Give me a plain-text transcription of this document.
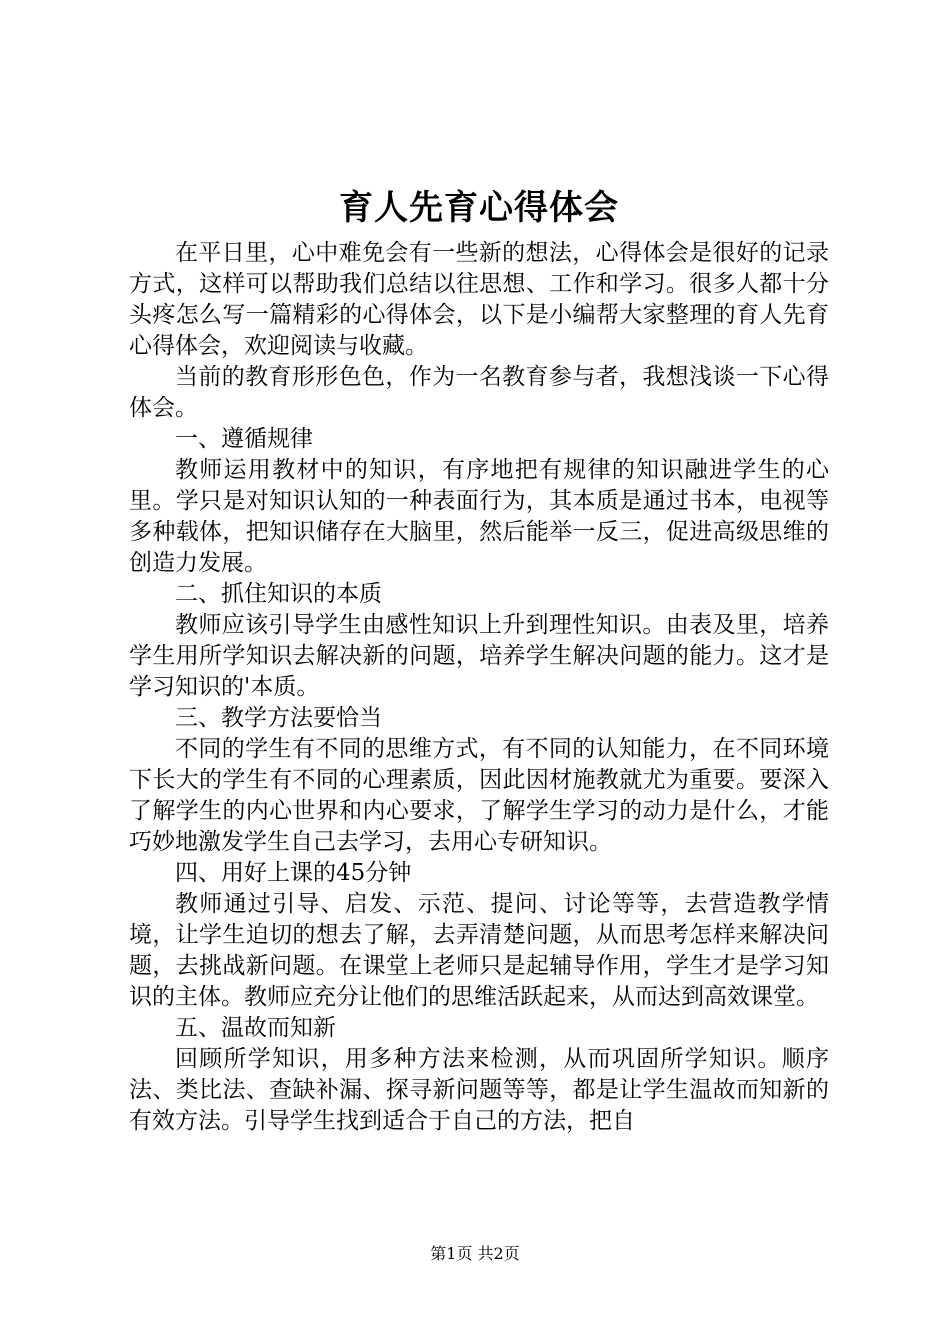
育人先育心得体会

在平日里，心中难免会有一些新的想法，心得体会是很好的记录方式，这样可以帮助我们总结以往思想、工作和学习。很多人都十分头疼怎么写一篇精彩的心得体会，以下是小编帮大家整理的育人先育心得体会，欢迎阅读与收藏。

当前的教育形形色色，作为一名教育参与者，我想浅谈一下心得体会。

一、遵循规律

教师运用教材中的知识，有序地把有规律的知识融进学生的心里。学只是对知识认知的一种表面行为，其本质是通过书本，电视等多种载体，把知识储存在大脑里，然后能举一反三，促进高级思维的创造力发展。

二、抓住知识的本质

教师应该引导学生由感性知识上升到理性知识。由表及里，培养学生用所学知识去解决新的问题，培养学生解决问题的能力。这才是学习知识的'本质。

三、教学方法要恰当

不同的学生有不同的思维方式，有不同的认知能力，在不同环境下长大的学生有不同的心理素质，因此因材施教就尤为重要。要深入了解学生的内心世界和内心要求，了解学生学习的动力是什么，才能巧妙地激发学生自己去学习，去用心专研知识。

四、用好上课的45分钟

教师通过引导、启发、示范、提问、讨论等等，去营造教学情境，让学生迫切的想去了解，去弄清楚问题，从而思考怎样来解决问题，去挑战新问题。在课堂上老师只是起辅导作用，学生才是学习知识的主体。教师应充分让他们的思维活跃起来，从而达到高效课堂。

五、温故而知新

回顾所学知识，用多种方法来检测，从而巩固所学知识。顺序法、类比法、查缺补漏、探寻新问题等等，都是让学生温故而知新的有效方法。引导学生找到适合于自己的方法，把自

第1页 共2页
